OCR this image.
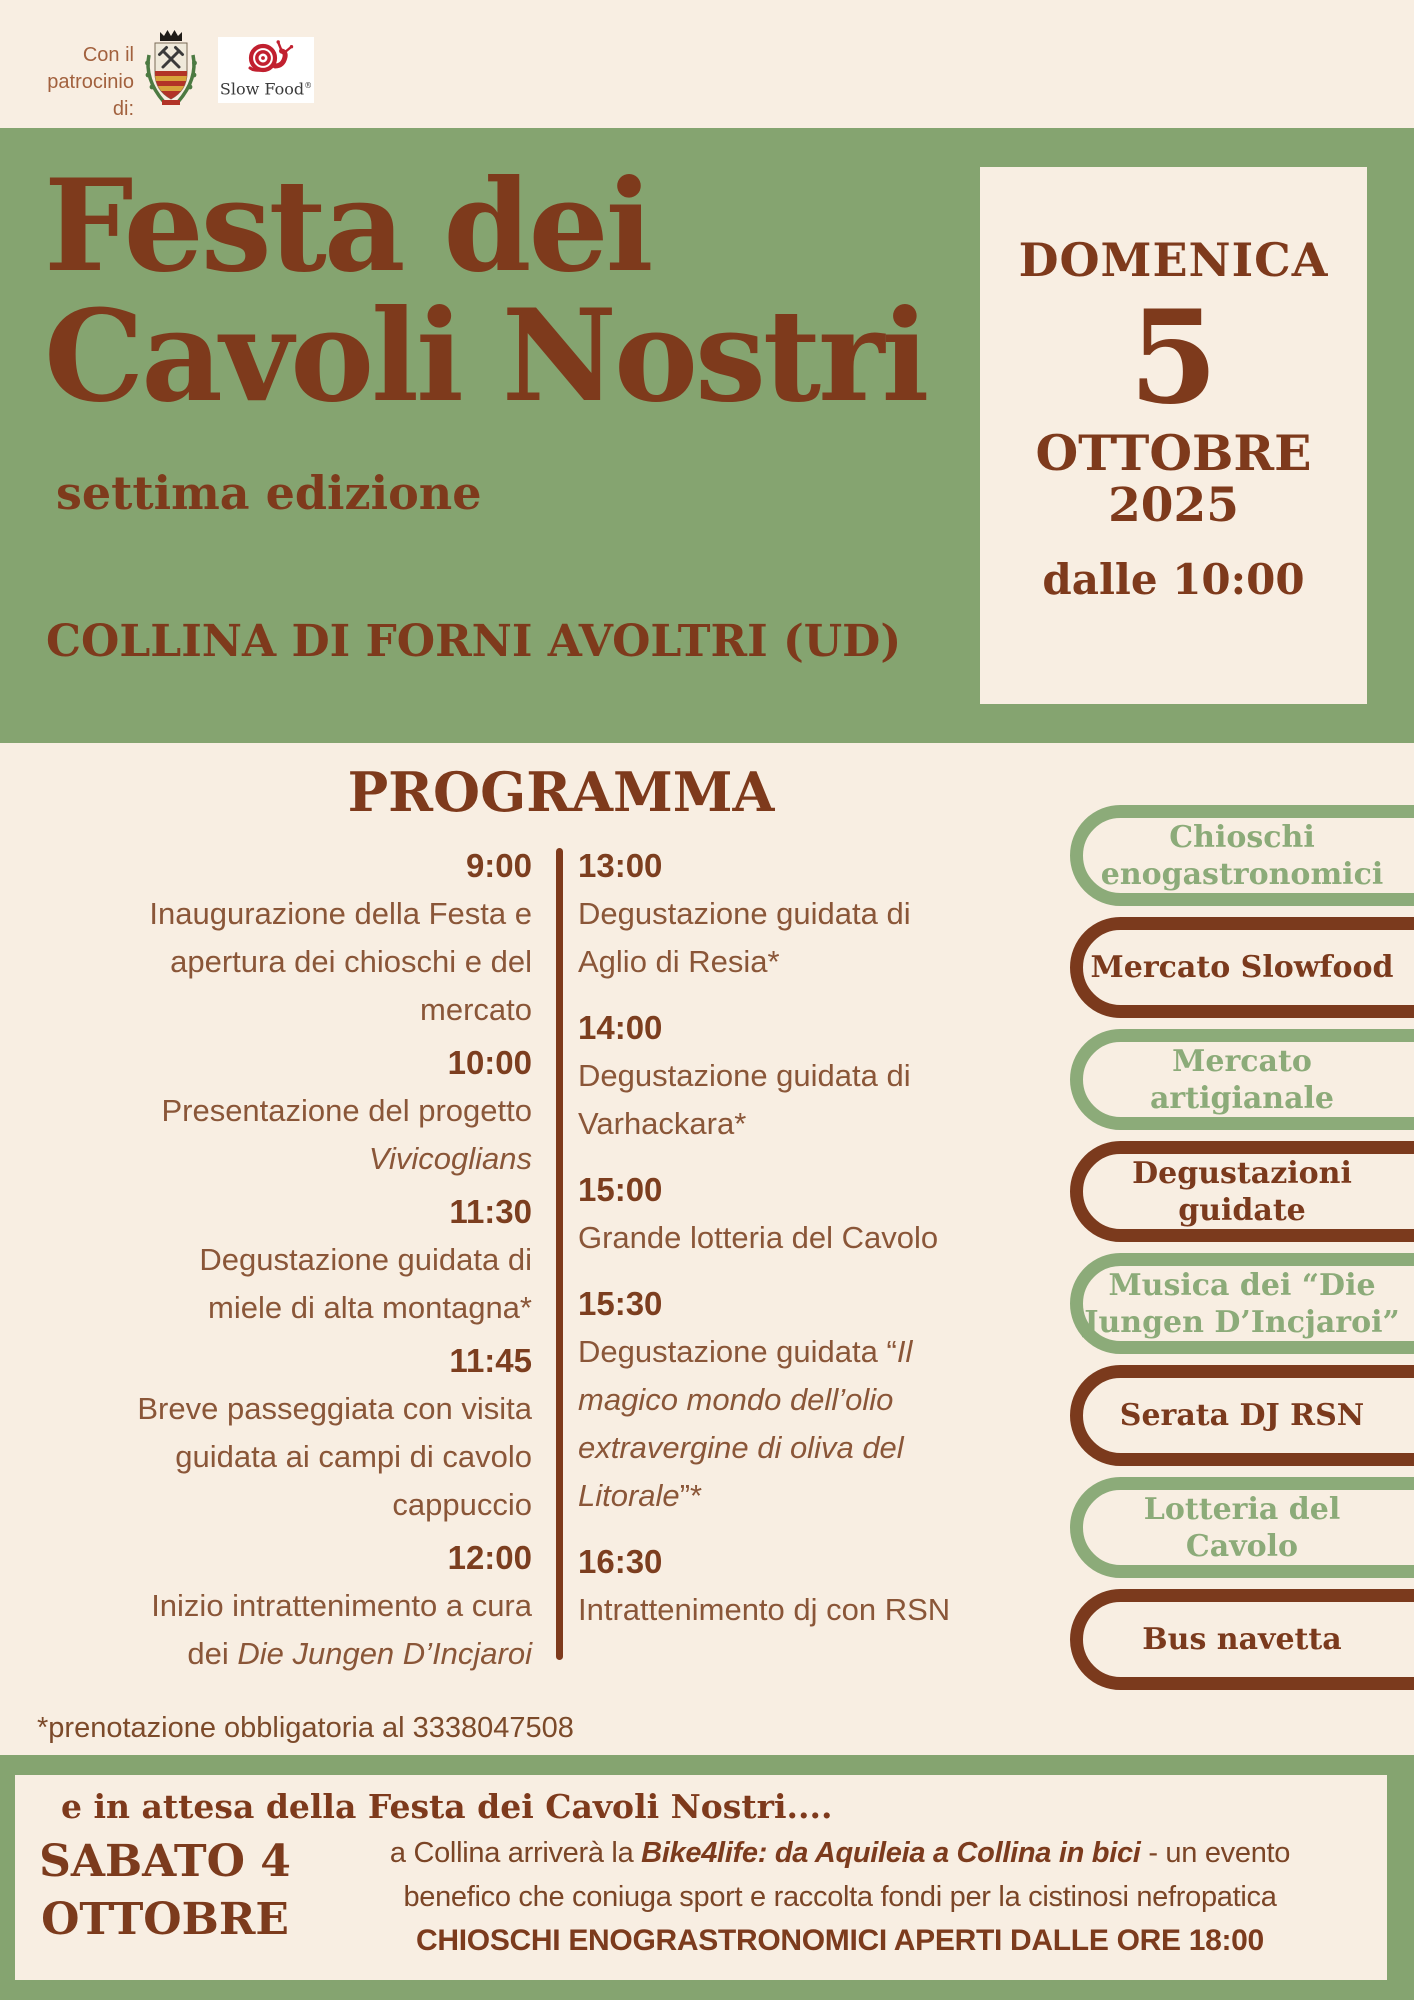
Con il
patrocinio di:
Slow Food®
Festa dei
Cavoli Nostri
settima edizione
COLLINA DI FORNI AVOLTRI (UD)
DOMENICA
5
OTTOBRE
2025
dalle 10:00
PROGRAMMA
9:00
Inaugurazione della Festa e
apertura dei chioschi e del
mercato
10:00
Presentazione del progetto
Vivicoglians
11:30
Degustazione guidata di
miele di alta montagna*
11:45
Breve passeggiata con visita
guidata ai campi di cavolo
cappuccio
12:00
Inizio intrattenimento a cura
dei Die Jungen D’Incjaroi
13:00
Degustazione guidata di
Aglio di Resia*
14:00
Degustazione guidata di
Varhackara*
15:00
Grande lotteria del Cavolo
15:30
Degustazione guidata “Il
magico mondo dell’olio
extravergine di oliva del
Litorale”*
16:30
Intrattenimento dj con RSN
*prenotazione obbligatoria al 3338047508
Chioschi enogastronomici
Mercato Slowfood
Mercato artigianale
Degustazioni guidate
Musica dei “Die Jungen D’Incjaroi”
Serata DJ RSN
Lotteria del Cavolo
Bus navetta
e in attesa della Festa dei Cavoli Nostri....
SABATO 4
OTTOBRE
a Collina arriverà la Bike4life: da Aquileia a Collina in bici - un evento
benefico che coniuga sport e raccolta fondi per la cistinosi nefropatica
CHIOSCHI ENOGRASTRONOMICI APERTI DALLE ORE 18:00
